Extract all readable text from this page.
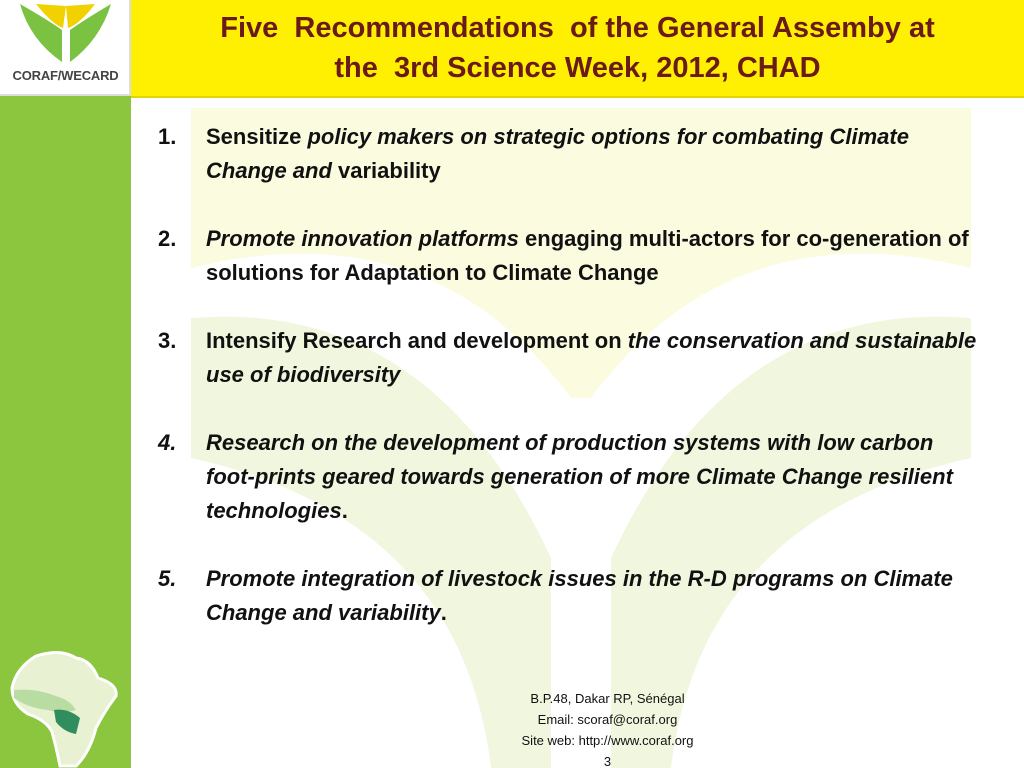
CORAF/WECARD
Five  Recommendations  of the General Assemby at
the  3rd Science Week, 2012, CHAD
1. Sensitize policy makers on strategic options for combating Climate Change and variability
2. Promote innovation platforms engaging multi-actors for co-generation of solutions for Adaptation to Climate Change
3. Intensify Research and development on the conservation and sustainable use of biodiversity
4. Research on the development of production systems with low carbon foot-prints geared towards generation of more Climate Change resilient technologies.
5. Promote integration of livestock issues in the R-D programs on Climate Change and variability.
B.P.48, Dakar RP, Sénégal
Email: scoraf@coraf.org
Site web: http://www.coraf.org
3
